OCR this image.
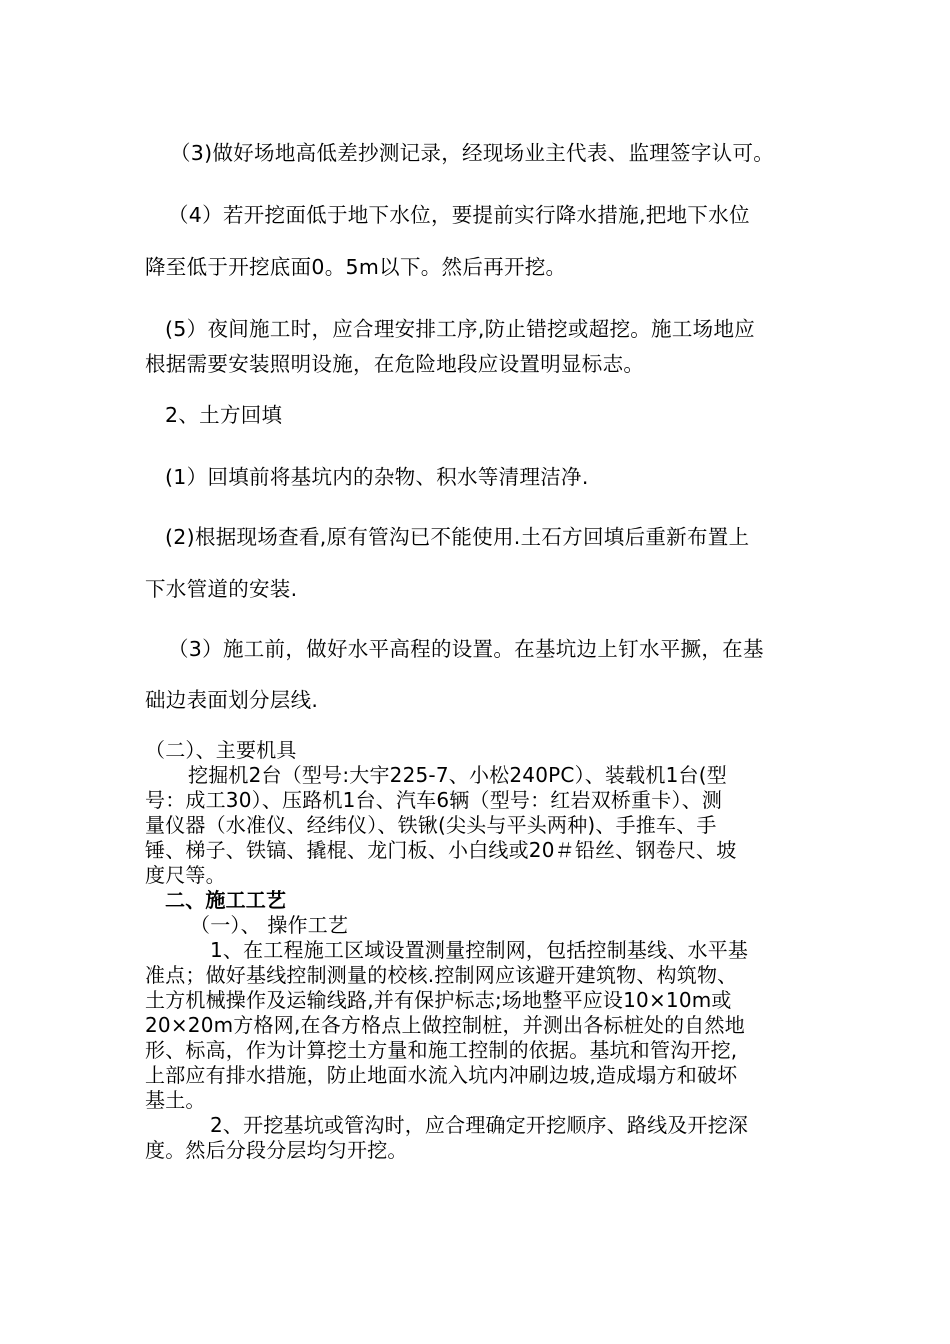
（3)做好场地高低差抄测记录，经现场业主代表、监理签字认可。

（4）若开挖面低于地下水位，要提前实行降水措施,把地下水位

降至低于开挖底面0。5m以下。然后再开挖。

(5）夜间施工时，应合理安排工序,防止错挖或超挖。施工场地应

根据需要安装照明设施，在危险地段应设置明显标志。

2、土方回填

(1）回填前将基坑内的杂物、积水等清理洁净.

(2)根据现场查看,原有管沟已不能使用.土石方回填后重新布置上

下水管道的安装.

（3）施工前，做好水平高程的设置。在基坑边上钉水平撅，在基

础边表面划分层线.

（二）、主要机具

挖掘机2台（型号:大宇225-7、小松240PC）、装载机1台(型

号：成工30）、压路机1台、汽车6辆（型号：红岩双桥重卡）、测

量仪器（水准仪、经纬仪）、铁锹(尖头与平头两种)、手推车、手

锤、梯子、铁镐、撬棍、龙门板、小白线或20＃铅丝、钢卷尺、坡

度尺等。

二、施工工艺

（一）、 操作工艺

1、在工程施工区域设置测量控制网，包括控制基线、水平基

准点；做好基线控制测量的校核.控制网应该避开建筑物、构筑物、

土方机械操作及运输线路,并有保护标志;场地整平应设10×10m或

20×20m方格网,在各方格点上做控制桩，并测出各标桩处的自然地

形、标高，作为计算挖土方量和施工控制的依据。基坑和管沟开挖,

上部应有排水措施，防止地面水流入坑内冲刷边坡,造成塌方和破坏

基土。

2、开挖基坑或管沟时，应合理确定开挖顺序、路线及开挖深

度。然后分段分层均匀开挖。
